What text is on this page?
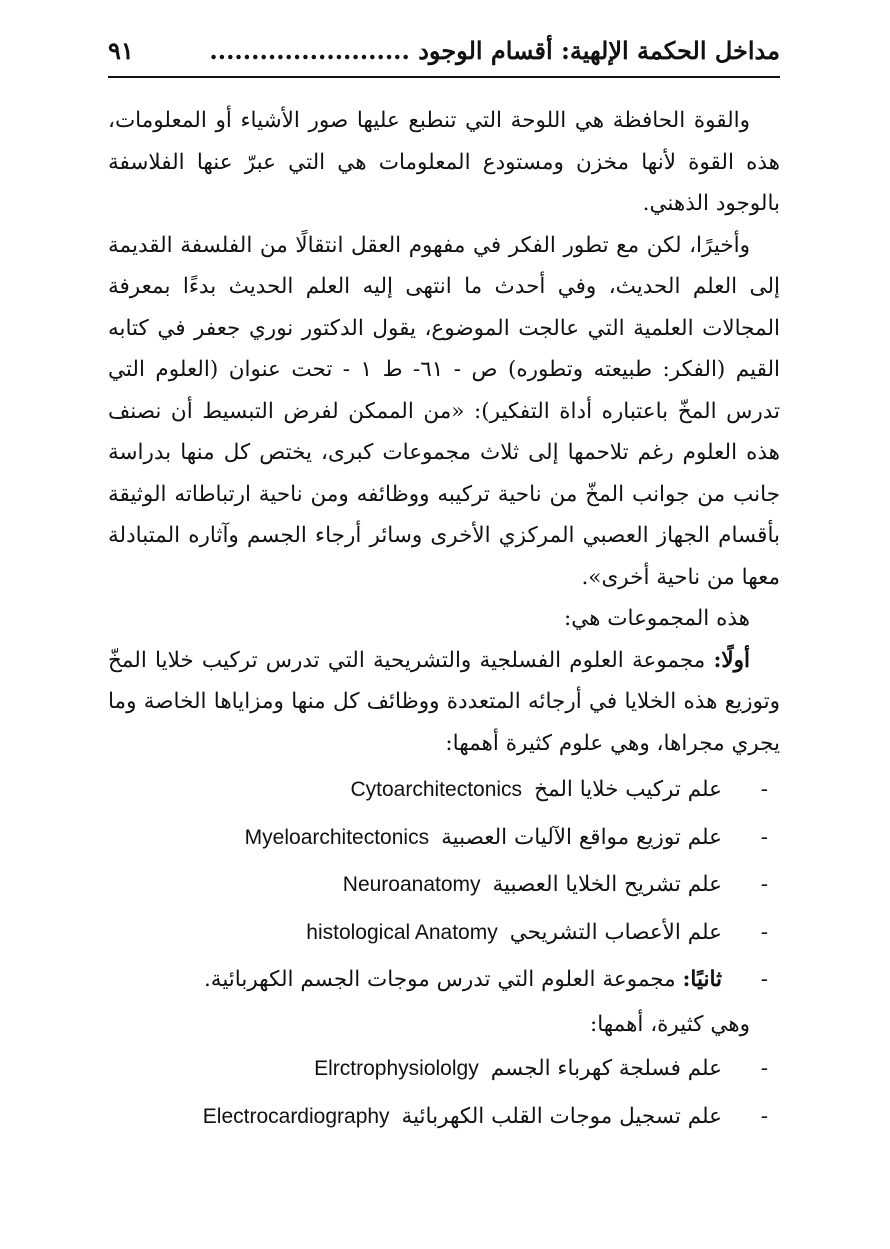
مداخل الحكمة الإلهية: أقسام الوجود ........................
٩١

والقوة الحافظة هي اللوحة التي تنطبع عليها صور الأشياء أو المعلومات، هذه القوة لأنها مخزن ومستودع المعلومات هي التي عبرّ عنها الفلاسفة بالوجود الذهني.

وأخيرًا، لكن مع تطور الفكر في مفهوم العقل انتقالًا من الفلسفة القديمة إلى العلم الحديث، وفي أحدث ما انتهى إليه العلم الحديث بدءًا بمعرفة المجالات العلمية التي عالجت الموضوع، يقول الدكتور نوري جعفر في كتابه القيم (الفكر: طبيعته وتطوره) ص - ٦١- ط ١ - تحت عنوان (العلوم التي تدرس المخّ باعتباره أداة التفكير): «من الممكن لفرض التبسيط أن نصنف هذه العلوم رغم تلاحمها إلى ثلاث مجموعات كبرى، يختص كل منها بدراسة جانب من جوانب المخّ من ناحية تركيبه ووظائفه ومن ناحية ارتباطاته الوثيقة بأقسام الجهاز العصبي المركزي الأخرى وسائر أرجاء الجسم وآثاره المتبادلة معها من ناحية أخرى».

هذه المجموعات هي:

أولًا: مجموعة العلوم الفسلجية والتشريحية التي تدرس تركيب خلايا المخّ وتوزيع هذه الخلايا في أرجائه المتعددة ووظائف كل منها ومزاياها الخاصة وما يجري مجراها، وهي علوم كثيرة أهمها:

-
علم تركيب خلايا المخ
Cytoarchitectonics
-
علم توزيع مواقع الآليات العصبية
Myeloarchitectonics
-
علم تشريح الخلايا العصبية
Neuroanatomy
-
علم الأعصاب التشريحي
histological Anatomy
-
ثانيًا:

مجموعة العلوم التي تدرس موجات الجسم الكهربائية.

وهي كثيرة، أهمها:

-
علم فسلجة كهرباء الجسم
Elrctrophysiololgy
-
علم تسجيل موجات القلب الكهربائية
Electrocardiography
